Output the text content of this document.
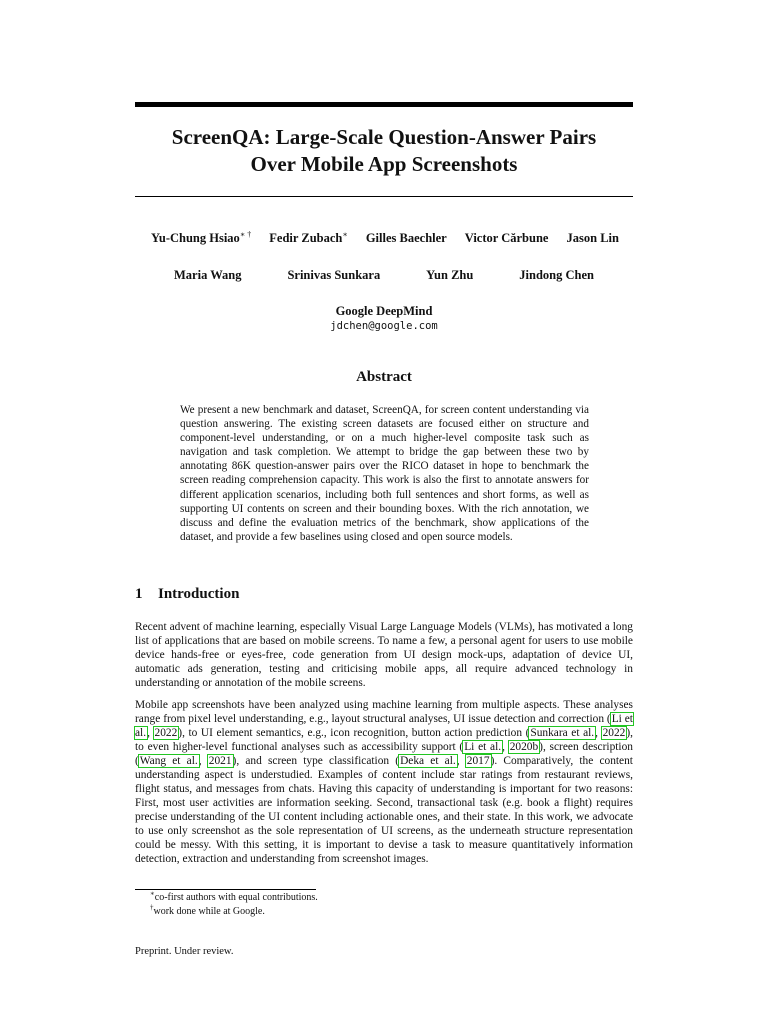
ScreenQA: Large-Scale Question-Answer Pairs
Over Mobile App Screenshots
Yu-Chung Hsiao∗ † Fedir Zubach∗ Gilles Baechler Victor Cărbune Jason Lin
Maria Wang	Srinivas Sunkara	Yun Zhu	Jindong Chen
Google DeepMind
jdchen@google.com
Abstract

We present a new benchmark and dataset, ScreenQA, for screen content understanding via question answering. The existing screen datasets are focused either on structure and component-level understanding, or on a much higher-level composite task such as navigation and task completion. We attempt to bridge the gap between these two by annotating 86K question-answer pairs over the RICO dataset in hope to benchmark the screen reading comprehension capacity. This work is also the first to annotate answers for different application scenarios, including both full sentences and short forms, as well as supporting UI contents on screen and their bounding boxes. With the rich annotation, we discuss and define the evaluation metrics of the benchmark, show applications of the dataset, and provide a few baselines using closed and open source models.

1 Introduction

Recent advent of machine learning, especially Visual Large Language Models (VLMs), has motivated a long list of applications that are based on mobile screens. To name a few, a personal agent for users to use mobile device hands-free or eyes-free, code generation from UI design mock-ups, adaptation of device UI, automatic ads generation, testing and criticising mobile apps, all require advanced technology in understanding or annotation of the mobile screens.

Mobile app screenshots have been analyzed using machine learning from multiple aspects. These analyses range from pixel level understanding, e.g., layout structural analyses, UI issue detection and correction (Li et al., 2022), to UI element semantics, e.g., icon recognition, button action prediction (Sunkara et al., 2022), to even higher-level functional analyses such as accessibility support (Li et al., 2020b), screen description (Wang et al., 2021), and screen type classification (Deka et al., 2017). Comparatively, the content understanding aspect is understudied. Examples of content include star ratings from restaurant reviews, flight status, and messages from chats. Having this capacity of understanding is important for two reasons: First, most user activities are information seeking. Second, transactional task (e.g. book a flight) requires precise understanding of the UI content including actionable ones, and their state. In this work, we advocate to use only screenshot as the sole representation of UI screens, as the underneath structure representation could be messy. With this setting, it is important to devise a task to measure quantitatively information detection, extraction and understanding from screenshot images.

∗co-first authors with equal contributions.
†work done while at Google.
Preprint. Under review.
